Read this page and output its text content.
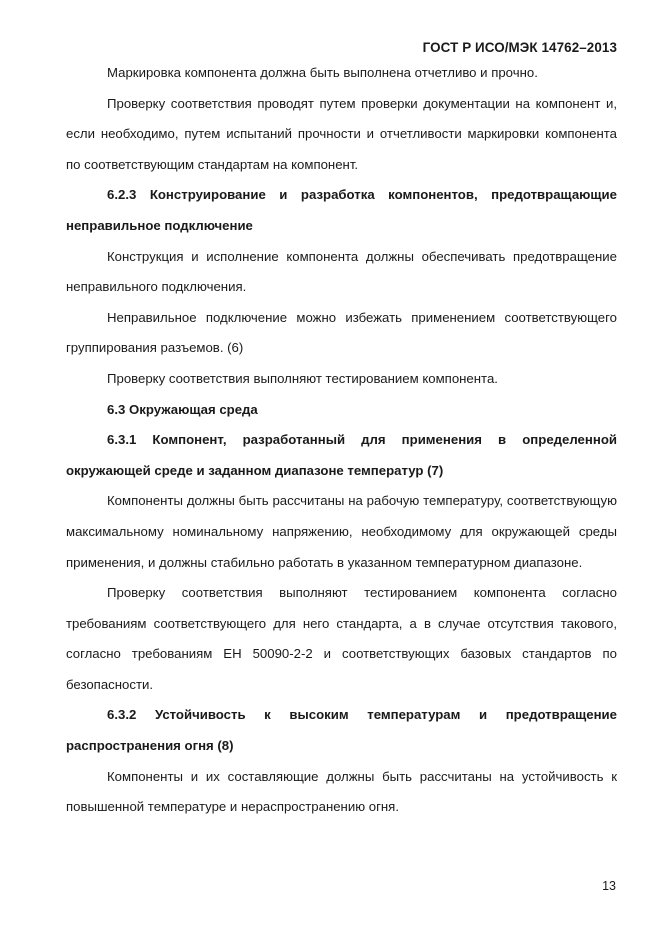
ГОСТ Р ИСО/МЭК 14762–2013

Маркировка компонента должна быть выполнена отчетливо и прочно.

Проверку соответствия проводят путем проверки документации на компонент и, если необходимо, путем испытаний прочности и отчетливости маркировки компонента по соответствующим стандартам на компонент.

6.2.3 Конструирование и разработка компонентов, предотвращающие неправильное подключение

Конструкция и исполнение компонента должны обеспечивать предотвращение неправильного подключения.

Неправильное подключение можно избежать применением соответствующего группирования разъемов. (6)

Проверку соответствия выполняют тестированием компонента.

6.3 Окружающая среда

6.3.1 Компонент, разработанный для применения в определенной окружающей среде и заданном диапазоне температур (7)

Компоненты должны быть рассчитаны на рабочую температуру, соответствующую максимальному номинальному напряжению, необходимому для окружающей среды применения, и должны стабильно работать в указанном температурном диапазоне.

Проверку соответствия выполняют тестированием компонента согласно требованиям соответствующего для него стандарта, а в случае отсутствия такового, согласно требованиям ЕН 50090-2-2 и соответствующих базовых стандартов по безопасности.

6.3.2 Устойчивость к высоким температурам и предотвращение распространения огня (8)

Компоненты и их составляющие должны быть рассчитаны на устойчивость к повышенной температуре и нераспространению огня.

13
